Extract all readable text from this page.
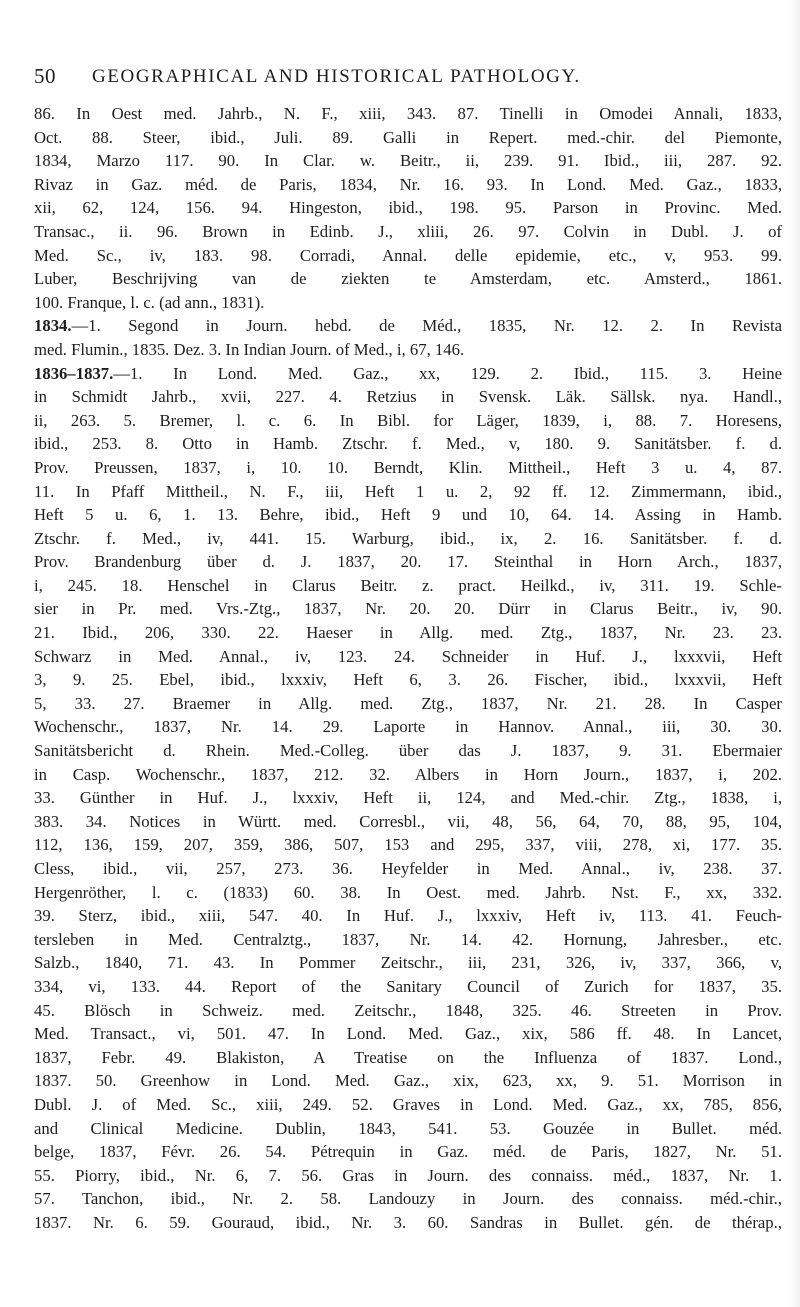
50 GEOGRAPHICAL AND HISTORICAL PATHOLOGY.
86. In Oest med. Jahrb., N. F., xiii, 343. 87. Tinelli in Omodei Annali, 1833,
Oct. 88. Steer, ibid., Juli. 89. Galli in Repert. med.-chir. del Piemonte,
1834, Marzo 117. 90. In Clar. w. Beitr., ii, 239. 91. Ibid., iii, 287. 92.
Rivaz in Gaz. méd. de Paris, 1834, Nr. 16. 93. In Lond. Med. Gaz., 1833,
xii, 62, 124, 156. 94. Hingeston, ibid., 198. 95. Parson in Provinc. Med.
Transac., ii. 96. Brown in Edinb. J., xliii, 26. 97. Colvin in Dubl. J. of
Med. Sc., iv, 183. 98. Corradi, Annal. delle epidemie, etc., v, 953. 99.
Luber, Beschrijving van de ziekten te Amsterdam, etc. Amsterd., 1861.
100. Franque, l. c. (ad ann., 1831).
1834.—1. Segond in Journ. hebd. de Méd., 1835, Nr. 12. 2. In Revista
med. Flumin., 1835. Dez. 3. In Indian Journ. of Med., i, 67, 146.
1836–1837.—1. In Lond. Med. Gaz., xx, 129. 2. Ibid., 115. 3. Heine
in Schmidt Jahrb., xvii, 227. 4. Retzius in Svensk. Läk. Sällsk. nya. Handl.,
ii, 263. 5. Bremer, l. c. 6. In Bibl. for Läger, 1839, i, 88. 7. Horesens,
ibid., 253. 8. Otto in Hamb. Ztschr. f. Med., v, 180. 9. Sanitätsber. f. d.
Prov. Preussen, 1837, i, 10. 10. Berndt, Klin. Mittheil., Heft 3 u. 4, 87.
11. In Pfaff Mittheil., N. F., iii, Heft 1 u. 2, 92 ff. 12. Zimmermann, ibid.,
Heft 5 u. 6, 1. 13. Behre, ibid., Heft 9 und 10, 64. 14. Assing in Hamb.
Ztschr. f. Med., iv, 441. 15. Warburg, ibid., ix, 2. 16. Sanitätsber. f. d.
Prov. Brandenburg über d. J. 1837, 20. 17. Steinthal in Horn Arch., 1837,
i, 245. 18. Henschel in Clarus Beitr. z. pract. Heilkd., iv, 311. 19. Schle-
sier in Pr. med. Vrs.-Ztg., 1837, Nr. 20. 20. Dürr in Clarus Beitr., iv, 90.
21. Ibid., 206, 330. 22. Haeser in Allg. med. Ztg., 1837, Nr. 23. 23.
Schwarz in Med. Annal., iv, 123. 24. Schneider in Huf. J., lxxxvii, Heft
3, 9. 25. Ebel, ibid., lxxxiv, Heft 6, 3. 26. Fischer, ibid., lxxxvii, Heft
5, 33. 27. Braemer in Allg. med. Ztg., 1837, Nr. 21. 28. In Casper
Wochenschr., 1837, Nr. 14. 29. Laporte in Hannov. Annal., iii, 30. 30.
Sanitätsbericht d. Rhein. Med.-Colleg. über das J. 1837, 9. 31. Ebermaier
in Casp. Wochenschr., 1837, 212. 32. Albers in Horn Journ., 1837, i, 202.
33. Günther in Huf. J., lxxxiv, Heft ii, 124, and Med.-chir. Ztg., 1838, i,
383. 34. Notices in Württ. med. Corresbl., vii, 48, 56, 64, 70, 88, 95, 104,
112, 136, 159, 207, 359, 386, 507, 153 and 295, 337, viii, 278, xi, 177. 35.
Cless, ibid., vii, 257, 273. 36. Heyfelder in Med. Annal., iv, 238. 37.
Hergenröther, l. c. (1833) 60. 38. In Oest. med. Jahrb. Nst. F., xx, 332.
39. Sterz, ibid., xiii, 547. 40. In Huf. J., lxxxiv, Heft iv, 113. 41. Feuch-
tersleben in Med. Centralztg., 1837, Nr. 14. 42. Hornung, Jahresber., etc.
Salzb., 1840, 71. 43. In Pommer Zeitschr., iii, 231, 326, iv, 337, 366, v,
334, vi, 133. 44. Report of the Sanitary Council of Zurich for 1837, 35.
45. Blösch in Schweiz. med. Zeitschr., 1848, 325. 46. Streeten in Prov.
Med. Transact., vi, 501. 47. In Lond. Med. Gaz., xix, 586 ff. 48. In Lancet,
1837, Febr. 49. Blakiston, A Treatise on the Influenza of 1837. Lond.,
1837. 50. Greenhow in Lond. Med. Gaz., xix, 623, xx, 9. 51. Morrison in
Dubl. J. of Med. Sc., xiii, 249. 52. Graves in Lond. Med. Gaz., xx, 785, 856,
and Clinical Medicine. Dublin, 1843, 541. 53. Gouzée in Bullet. méd.
belge, 1837, Févr. 26. 54. Pétrequin in Gaz. méd. de Paris, 1827, Nr. 51.
55. Piorry, ibid., Nr. 6, 7. 56. Gras in Journ. des connaiss. méd., 1837, Nr. 1.
57. Tanchon, ibid., Nr. 2. 58. Landouzy in Journ. des connaiss. méd.-chir.,
1837. Nr. 6. 59. Gouraud, ibid., Nr. 3. 60. Sandras in Bullet. gén. de thérap.,
